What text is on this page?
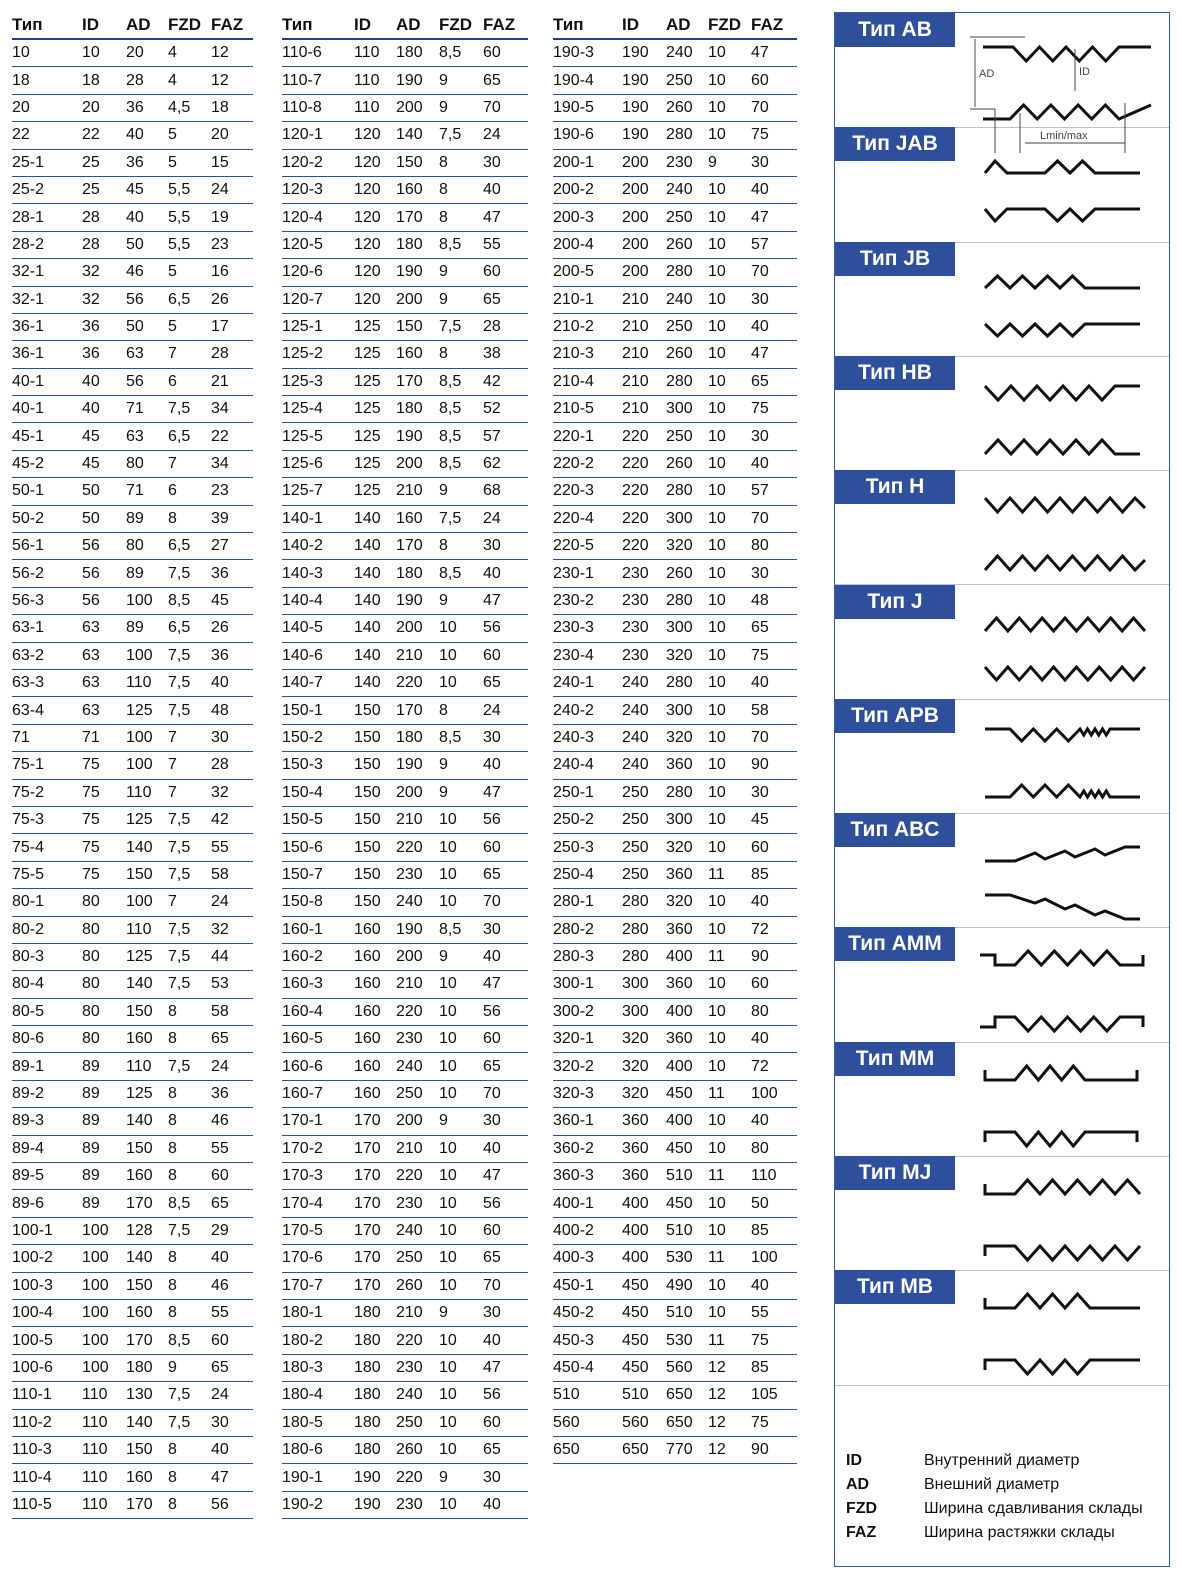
Тип	ID	AD	FZD	FAZ
10	10	20	4	12
18	18	28	4	12
20	20	36	4,5	18
22	22	40	5	20
25-1	25	36	5	15
25-2	25	45	5,5	24
28-1	28	40	5,5	19
28-2	28	50	5,5	23
32-1	32	46	5	16
32-1	32	56	6,5	26
36-1	36	50	5	17
36-1	36	63	7	28
40-1	40	56	6	21
40-1	40	71	7,5	34
45-1	45	63	6,5	22
45-2	45	80	7	34
50-1	50	71	6	23
50-2	50	89	8	39
56-1	56	80	6,5	27
56-2	56	89	7,5	36
56-3	56	100	8,5	45
63-1	63	89	6,5	26
63-2	63	100	7,5	36
63-3	63	110	7,5	40
63-4	63	125	7,5	48
71	71	100	7	30
75-1	75	100	7	28
75-2	75	110	7	32
75-3	75	125	7,5	42
75-4	75	140	7,5	55
75-5	75	150	7,5	58
80-1	80	100	7	24
80-2	80	110	7,5	32
80-3	80	125	7,5	44
80-4	80	140	7,5	53
80-5	80	150	8	58
80-6	80	160	8	65
89-1	89	110	7,5	24
89-2	89	125	8	36
89-3	89	140	8	46
89-4	89	150	8	55
89-5	89	160	8	60
89-6	89	170	8,5	65
100-1	100	128	7,5	29
100-2	100	140	8	40
100-3	100	150	8	46
100-4	100	160	8	55
100-5	100	170	8,5	60
100-6	100	180	9	65
110-1	110	130	7,5	24
110-2	110	140	7,5	30
110-3	110	150	8	40
110-4	110	160	8	47
110-5	110	170	8	56
Тип	ID	AD	FZD	FAZ
110-6	110	180	8,5	60
110-7	110	190	9	65
110-8	110	200	9	70
120-1	120	140	7,5	24
120-2	120	150	8	30
120-3	120	160	8	40
120-4	120	170	8	47
120-5	120	180	8,5	55
120-6	120	190	9	60
120-7	120	200	9	65
125-1	125	150	7,5	28
125-2	125	160	8	38
125-3	125	170	8,5	42
125-4	125	180	8,5	52
125-5	125	190	8,5	57
125-6	125	200	8,5	62
125-7	125	210	9	68
140-1	140	160	7,5	24
140-2	140	170	8	30
140-3	140	180	8,5	40
140-4	140	190	9	47
140-5	140	200	10	56
140-6	140	210	10	60
140-7	140	220	10	65
150-1	150	170	8	24
150-2	150	180	8,5	30
150-3	150	190	9	40
150-4	150	200	9	47
150-5	150	210	10	56
150-6	150	220	10	60
150-7	150	230	10	65
150-8	150	240	10	70
160-1	160	190	8,5	30
160-2	160	200	9	40
160-3	160	210	10	47
160-4	160	220	10	56
160-5	160	230	10	60
160-6	160	240	10	65
160-7	160	250	10	70
170-1	170	200	9	30
170-2	170	210	10	40
170-3	170	220	10	47
170-4	170	230	10	56
170-5	170	240	10	60
170-6	170	250	10	65
170-7	170	260	10	70
180-1	180	210	9	30
180-2	180	220	10	40
180-3	180	230	10	47
180-4	180	240	10	56
180-5	180	250	10	60
180-6	180	260	10	65
190-1	190	220	9	30
190-2	190	230	10	40
Тип	ID	AD	FZD	FAZ
190-3	190	240	10	47
190-4	190	250	10	60
190-5	190	260	10	70
190-6	190	280	10	75
200-1	200	230	9	30
200-2	200	240	10	40
200-3	200	250	10	47
200-4	200	260	10	57
200-5	200	280	10	70
210-1	210	240	10	30
210-2	210	250	10	40
210-3	210	260	10	47
210-4	210	280	10	65
210-5	210	300	10	75
220-1	220	250	10	30
220-2	220	260	10	40
220-3	220	280	10	57
220-4	220	300	10	70
220-5	220	320	10	80
230-1	230	260	10	30
230-2	230	280	10	48
230-3	230	300	10	65
230-4	230	320	10	75
240-1	240	280	10	40
240-2	240	300	10	58
240-3	240	320	10	70
240-4	240	360	10	90
250-1	250	280	10	30
250-2	250	300	10	45
250-3	250	320	10	60
250-4	250	360	11	85
280-1	280	320	10	40
280-2	280	360	10	72
280-3	280	400	11	90
300-1	300	360	10	60
300-2	300	400	10	80
320-1	320	360	10	40
320-2	320	400	10	72
320-3	320	450	11	100
360-1	360	400	10	40
360-2	360	450	10	80
360-3	360	510	11	110
400-1	400	450	10	50
400-2	400	510	10	85
400-3	400	530	11	100
450-1	450	490	10	40
450-2	450	510	10	55
450-3	450	530	11	75
450-4	450	560	12	85
510	510	650	12	105
560	560	650	12	75
650	650	770	12	90
AD	ID
Lmin/max
Тип AB
Тип JAB
Тип JB
Тип HB
Тип H
Тип J
Тип APB
Тип ABC
Тип AMM
Тип MM
Тип MJ
Тип MB
ID	Внутренний диаметр
AD	Внешний диаметр
FZD	Ширина сдавливания склады
FAZ	Ширина растяжки склады
